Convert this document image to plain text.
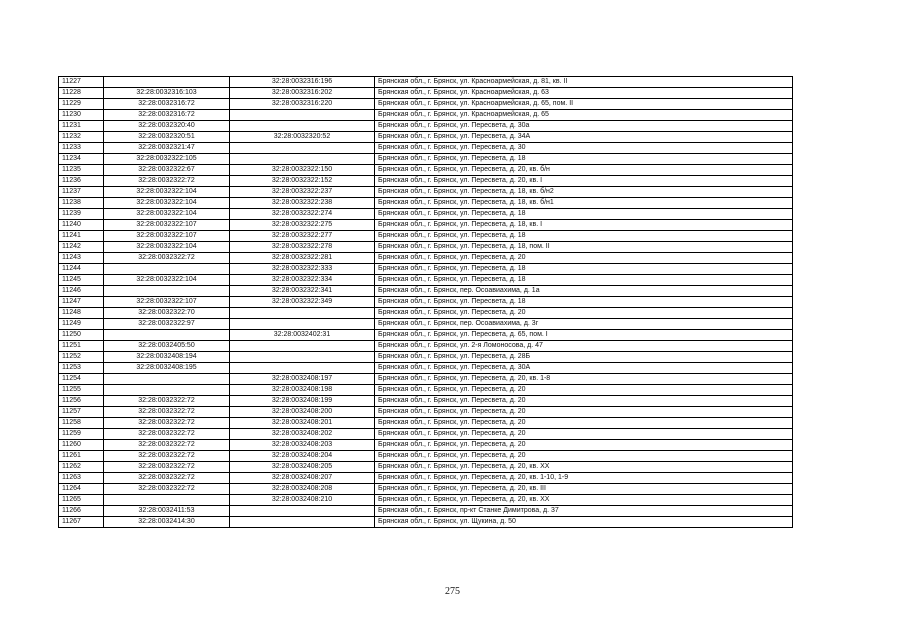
11227		32:28:0032316:196	Брянская обл., г. Брянск, ул. Красноармейская, д. 81, кв. II
11228	32:28:0032316:103	32:28:0032316:202	Брянская обл., г. Брянск, ул. Красноармейская, д. 63
11229	32:28:0032316:72	32:28:0032316:220	Брянская обл., г. Брянск, ул. Красноармейская, д. 65, пом. II
11230	32:28:0032316:72		Брянская обл., г. Брянск, ул. Красноармейская, д. 65
11231	32:28:0032320:40		Брянская обл., г. Брянск, ул. Пересвета, д. 30а
11232	32:28:0032320:51	32:28:0032320:52	Брянская обл., г. Брянск, ул. Пересвета, д. 34А
11233	32:28:0032321:47		Брянская обл., г. Брянск, ул. Пересвета, д. 30
11234	32:28:0032322:105		Брянская обл., г. Брянск, ул. Пересвета, д. 18
11235	32:28:0032322:67	32:28:0032322:150	Брянская обл., г. Брянск, ул. Пересвета, д. 20, кв. б/н
11236	32:28:0032322:72	32:28:0032322:152	Брянская обл., г. Брянск, ул. Пересвета, д. 20, кв. I
11237	32:28:0032322:104	32:28:0032322:237	Брянская обл., г. Брянск, ул. Пересвета, д. 18, кв. б/н2
11238	32:28:0032322:104	32:28:0032322:238	Брянская обл., г. Брянск, ул. Пересвета, д. 18, кв. б/н1
11239	32:28:0032322:104	32:28:0032322:274	Брянская обл., г. Брянск, ул. Пересвета, д. 18
11240	32:28:0032322:107	32:28:0032322:275	Брянская обл., г. Брянск, ул. Пересвета, д. 18, кв. I
11241	32:28:0032322:107	32:28:0032322:277	Брянская обл., г. Брянск, ул. Пересвета, д. 18
11242	32:28:0032322:104	32:28:0032322:278	Брянская обл., г. Брянск, ул. Пересвета, д. 18, пом. II
11243	32:28:0032322:72	32:28:0032322:281	Брянская обл., г. Брянск, ул. Пересвета, д. 20
11244		32:28:0032322:333	Брянская обл., г. Брянск, ул. Пересвета, д. 18
11245	32:28:0032322:104	32:28:0032322:334	Брянская обл., г. Брянск, ул. Пересвета, д. 18
11246		32:28:0032322:341	Брянская обл., г. Брянск, пер. Осоавиахима, д. 1а
11247	32:28:0032322:107	32:28:0032322:349	Брянская обл., г. Брянск, ул. Пересвета, д. 18
11248	32:28:0032322:70		Брянская обл., г. Брянск, ул. Пересвета, д. 20
11249	32:28:0032322:97		Брянская обл., г. Брянск, пер. Осоавиахима, д. 3г
11250		32:28:0032402:31	Брянская обл., г. Брянск, ул. Пересвета, д. 65, пом. I
11251	32:28:0032405:50		Брянская обл., г. Брянск, ул. 2-я Ломоносова, д. 47
11252	32:28:0032408:194		Брянская обл., г. Брянск, ул. Пересвета, д. 28Б
11253	32:28:0032408:195		Брянская обл., г. Брянск, ул. Пересвета, д. 30А
11254		32:28:0032408:197	Брянская обл., г. Брянск, ул. Пересвета, д. 20, кв. 1-8
11255		32:28:0032408:198	Брянская обл., г. Брянск, ул. Пересвета, д. 20
11256	32:28:0032322:72	32:28:0032408:199	Брянская обл., г. Брянск, ул. Пересвета, д. 20
11257	32:28:0032322:72	32:28:0032408:200	Брянская обл., г. Брянск, ул. Пересвета, д. 20
11258	32:28:0032322:72	32:28:0032408:201	Брянская обл., г. Брянск, ул. Пересвета, д. 20
11259	32:28:0032322:72	32:28:0032408:202	Брянская обл., г. Брянск, ул. Пересвета, д. 20
11260	32:28:0032322:72	32:28:0032408:203	Брянская обл., г. Брянск, ул. Пересвета, д. 20
11261	32:28:0032322:72	32:28:0032408:204	Брянская обл., г. Брянск, ул. Пересвета, д. 20
11262	32:28:0032322:72	32:28:0032408:205	Брянская обл., г. Брянск, ул. Пересвета, д. 20, кв. XX
11263	32:28:0032322:72	32:28:0032408:207	Брянская обл., г. Брянск, ул. Пересвета, д. 20, кв. 1-10, 1-9
11264	32:28:0032322:72	32:28:0032408:208	Брянская обл., г. Брянск, ул. Пересвета, д. 20, кв. III
11265		32:28:0032408:210	Брянская обл., г. Брянск, ул. Пересвета, д. 20, кв. XX
11266	32:28:0032411:53		Брянская обл., г. Брянск, пр-кт Станке Димитрова, д. 37
11267	32:28:0032414:30		Брянская обл., г. Брянск, ул. Щукина, д. 50
275
